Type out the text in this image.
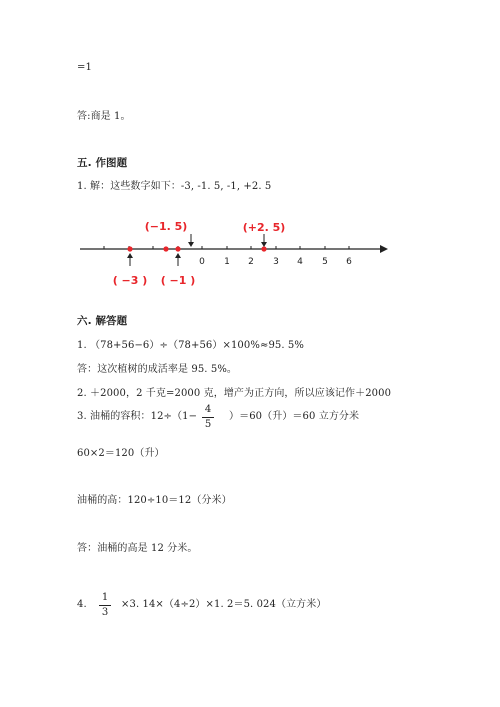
=1
答:商是 1。
五. 作图题
1. 解：这些数字如下：-3, -1. 5, -1, +2. 5
0 1 2 3 4 5 6
(−1. 5)	(+2. 5)
( −3 ) ( −1 )
六. 解答题
1. （78+56−6）÷（78+56）×100%≈95. 5%
答：这次植树的成活率是 95. 5%。
2. ＋2000，2 千克=2000 克，增产为正方向，所以应该记作＋2000
3. 油桶的容积：12÷（1−
4
5
）＝60（升）＝60 立方分米
60×2＝120（升）
油桶的高：120÷10＝12（分米）
答：油桶的高是 12 分米。
4.
1
3
×3. 14×（4÷2）×1. 2＝5. 024（立方米）
